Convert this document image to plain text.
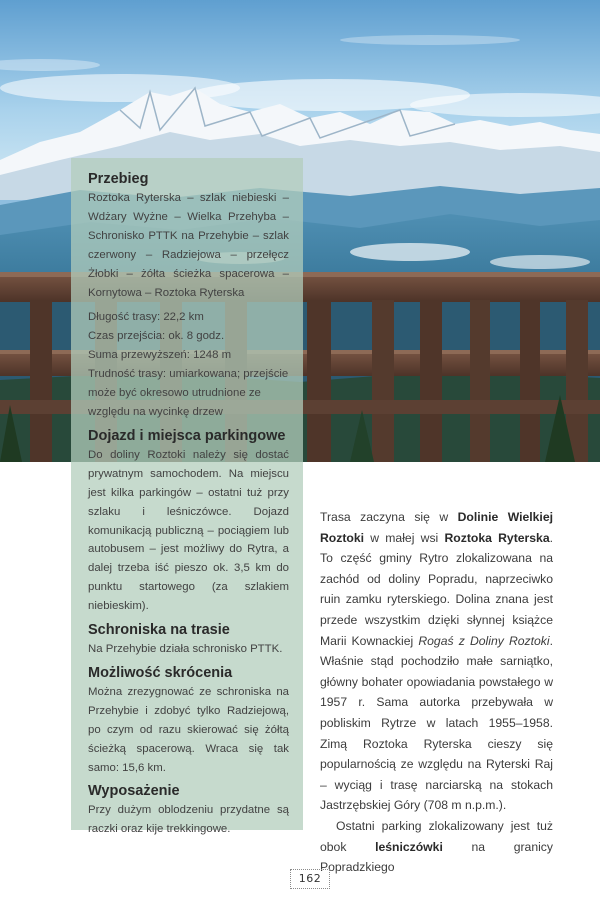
Przebieg

Roztoka Ryterska – szlak niebieski – Wdżary Wyżne – Wielka Przehyba – Schronisko PTTK na Przehybie – szlak czerwony – Radziejowa – przełęcz Żłobki – żółta ścieżka spacerowa – Kornytowa – Roztoka Ryterska

Długość trasy: 22,2 km

Czas przejścia: ok. 8 godz.

Suma przewyższeń: 1248 m

Trudność trasy: umiarkowana; przejście może być okresowo utrudnione ze względu na wycinkę drzew

Dojazd i miejsca parkingowe

Do doliny Roztoki należy się dostać prywatnym samochodem. Na miejscu jest kilka parkingów – ostatni tuż przy szlaku i leśniczówce. Dojazd komunikacją publiczną – pociągiem lub autobusem – jest możliwy do Rytra, a dalej trzeba iść pieszo ok. 3,5 km do punktu startowego (za szlakiem niebieskim).

Schroniska na trasie

Na Przehybie działa schronisko PTTK.

Możliwość skrócenia

Można zrezygnować ze schroniska na Przehybie i zdobyć tylko Radziejową, po czym od razu skierować się żółtą ścieżką spacerową. Wraca się tak samo: 15,6 km.

Wyposażenie

Przy dużym oblodzeniu przydatne są raczki oraz kije trekkingowe.

Trasa zaczyna się w Dolinie Wielkiej Roztoki w małej wsi Roztoka Ryterska. To część gminy Rytro zlokalizowana na zachód od doliny Popradu, naprzeciwko ruin zamku ryterskiego. Dolina znana jest przede wszystkim dzięki słynnej książce Marii Kownackiej Rogaś z Doliny Roztoki. Właśnie stąd pochodziło małe sarniątko, główny bohater opowiadania powstałego w 1957 r. Sama autorka przebywała w pobliskim Rytrze w latach 1955–1958. Zimą Roztoka Ryterska cieszy się popularnością ze względu na Ryterski Raj – wyciąg i trasę narciarską na stokach Jastrzębskiej Góry (708 m n.p.m.).

Ostatni parking zlokalizowany jest tuż obok leśniczówki na granicy Popradzkiego

162
